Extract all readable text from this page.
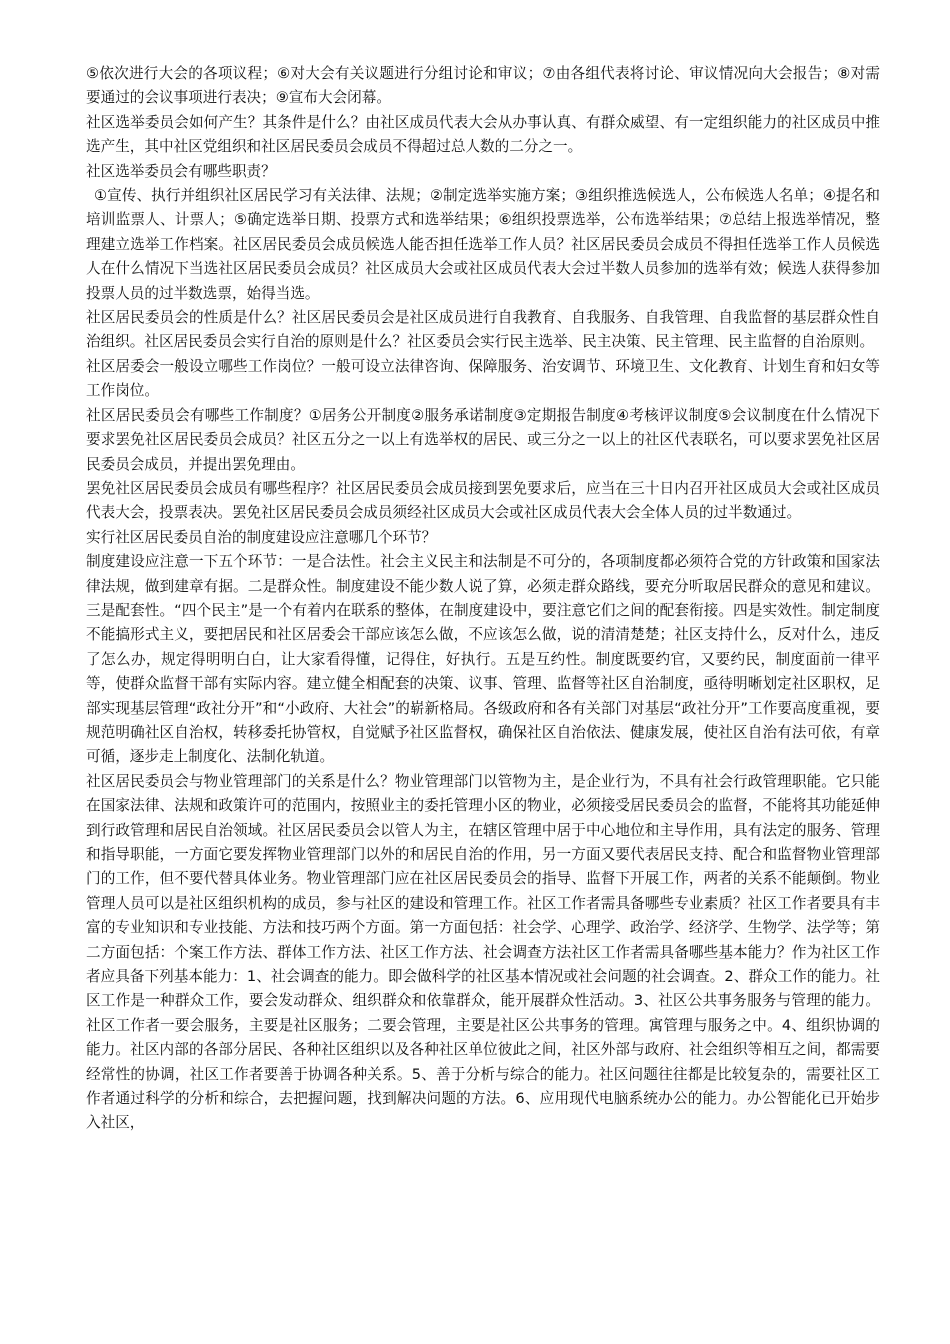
⑤依次进行大会的各项议程；⑥对大会有关议题进行分组讨论和审议；⑦由各组代表将讨论、审议情况向大会报告；⑧对需要通过的会议事项进行表决；⑨宣布大会闭幕。

社区选举委员会如何产生？其条件是什么？由社区成员代表大会从办事认真、有群众威望、有一定组织能力的社区成员中推选产生，其中社区党组织和社区居民委员会成员不得超过总人数的二分之一。

社区选举委员会有哪些职责？

①宣传、执行并组织社区居民学习有关法律、法规；②制定选举实施方案；③组织推选候选人，公布候选人名单；④提名和培训监票人、计票人；⑤确定选举日期、投票方式和选举结果；⑥组织投票选举，公布选举结果；⑦总结上报选举情况，整理建立选举工作档案。社区居民委员会成员候选人能否担任选举工作人员？社区居民委员会成员不得担任选举工作人员候选人在什么情况下当选社区居民委员会成员？社区成员大会或社区成员代表大会过半数人员参加的选举有效；候选人获得参加投票人员的过半数选票，始得当选。

社区居民委员会的性质是什么？社区居民委员会是社区成员进行自我教育、自我服务、自我管理、自我监督的基层群众性自治组织。社区居民委员会实行自治的原则是什么？社区委员会实行民主选举、民主决策、民主管理、民主监督的自治原则。

社区居委会一般设立哪些工作岗位？一般可设立法律咨询、保障服务、治安调节、环境卫生、文化教育、计划生育和妇女等工作岗位。

社区居民委员会有哪些工作制度？①居务公开制度②服务承诺制度③定期报告制度④考核评议制度⑤会议制度在什么情况下要求罢免社区居民委员会成员？社区五分之一以上有选举权的居民、或三分之一以上的社区代表联名，可以要求罢免社区居民委员会成员，并提出罢免理由。

罢免社区居民委员会成员有哪些程序？社区居民委员会成员接到罢免要求后，应当在三十日内召开社区成员大会或社区成员代表大会，投票表决。罢免社区居民委员会成员须经社区成员大会或社区成员代表大会全体人员的过半数通过。

实行社区居民委员自治的制度建设应注意哪几个环节？

制度建设应注意一下五个环节：一是合法性。社会主义民主和法制是不可分的，各项制度都必须符合党的方针政策和国家法律法规，做到建章有据。二是群众性。制度建设不能少数人说了算，必须走群众路线，要充分听取居民群众的意见和建议。三是配套性。“四个民主”是一个有着内在联系的整体，在制度建设中，要注意它们之间的配套衔接。四是实效性。制定制度不能搞形式主义，要把居民和社区居委会干部应该怎么做，不应该怎么做，说的清清楚楚；社区支持什么，反对什么，违反了怎么办，规定得明明白白，让大家看得懂，记得住，好执行。五是互约性。制度既要约官，又要约民，制度面前一律平等，使群众监督干部有实际内容。建立健全相配套的决策、议事、管理、监督等社区自治制度，亟待明晰划定社区职权，足部实现基层管理“政社分开”和“小政府、大社会”的崭新格局。各级政府和各有关部门对基层“政社分开”工作要高度重视，要规范明确社区自治权，转移委托协管权，自觉赋予社区监督权，确保社区自治依法、健康发展，使社区自治有法可依，有章可循，逐步走上制度化、法制化轨道。

社区居民委员会与物业管理部门的关系是什么？物业管理部门以管物为主，是企业行为，不具有社会行政管理职能。它只能在国家法律、法规和政策许可的范围内，按照业主的委托管理小区的物业，必须接受居民委员会的监督，不能将其功能延伸到行政管理和居民自治领域。社区居民委员会以管人为主，在辖区管理中居于中心地位和主导作用，具有法定的服务、管理和指导职能，一方面它要发挥物业管理部门以外的和居民自治的作用，另一方面又要代表居民支持、配合和监督物业管理部门的工作，但不要代替具体业务。物业管理部门应在社区居民委员会的指导、监督下开展工作，两者的关系不能颠倒。物业管理人员可以是社区组织机构的成员，参与社区的建设和管理工作。社区工作者需具备哪些专业素质？社区工作者要具有丰富的专业知识和专业技能、方法和技巧两个方面。第一方面包括：社会学、心理学、政治学、经济学、生物学、法学等；第二方面包括：个案工作方法、群体工作方法、社区工作方法、社会调查方法社区工作者需具备哪些基本能力？作为社区工作者应具备下列基本能力：1、社会调查的能力。即会做科学的社区基本情况或社会问题的社会调查。2、群众工作的能力。社区工作是一种群众工作，要会发动群众、组织群众和依靠群众，能开展群众性活动。3、社区公共事务服务与管理的能力。社区工作者一要会服务，主要是社区服务；二要会管理，主要是社区公共事务的管理。寓管理与服务之中。4、组织协调的能力。社区内部的各部分居民、各种社区组织以及各种社区单位彼此之间，社区外部与政府、社会组织等相互之间，都需要经常性的协调，社区工作者要善于协调各种关系。5、善于分析与综合的能力。社区问题往往都是比较复杂的，需要社区工作者通过科学的分析和综合，去把握问题，找到解决问题的方法。6、应用现代电脑系统办公的能力。办公智能化已开始步入社区，
